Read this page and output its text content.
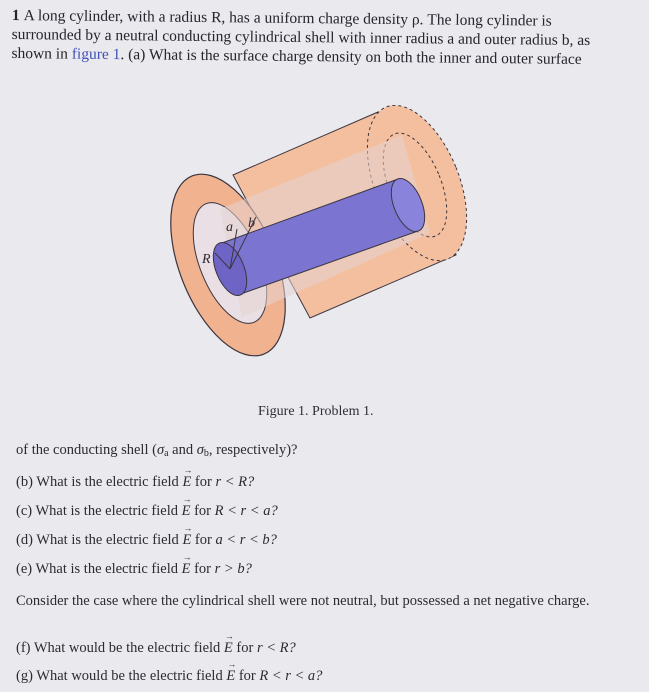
1 A long cylinder, with a radius R, has a uniform charge density ρ. The long cylinder is
surrounded by a neutral conducting cylindrical shell with inner radius a and outer radius b, as
shown in figure 1. (a) What is the surface charge density on both the inner and outer surface
R
a b
Figure 1. Problem 1.
of the conducting shell ($\sigma_a$ and $\sigma_b$, respectively)?
(b) What is the electric field → E for r < R?
(c) What is the electric field → E for R < r < a?
(d) What is the electric field → E for a < r < b?
(e) What is the electric field → E for r > b?
Consider the case where the cylindrical shell were not neutral, but possessed a net negative charge.
(f) What would be the electric field → E for r < R?
(g) What would be the electric field → E for R < r < a?
